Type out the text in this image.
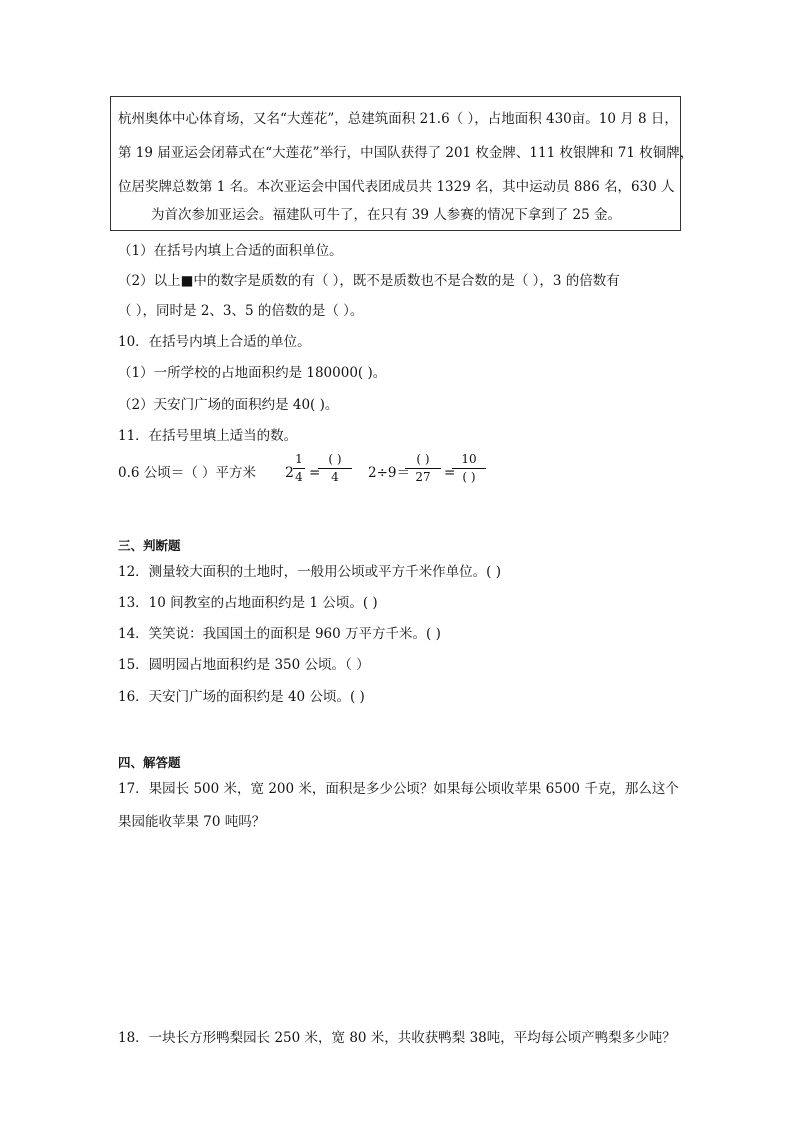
杭州奥体中心体育场，又名“大莲花”，总建筑面积 21.6（ ），占地面积 430亩。10 月 8 日，
第 19 届亚运会闭幕式在“大莲花”举行，中国队获得了 201 枚金牌、111 枚银牌和 71 枚铜牌，
位居奖牌总数第 1 名。本次亚运会中国代表团成员共 1329 名，其中运动员 886 名，630 人
为首次参加亚运会。福建队可牛了，在只有 39 人参赛的情况下拿到了 25 金。
（1）在括号内填上合适的面积单位。
（2）以上■中的数字是质数的有（ ），既不是质数也不是合数的是（ ），3 的倍数有
（ ），同时是 2、3、5 的倍数的是（ ）。
10．在括号内填上合适的单位。
（1）一所学校的占地面积约是 180000( )。
（2）天安门广场的面积约是 40( )。
11．在括号里填上适当的数。
0.6 公顷＝（ ）平方米 2
1
4 =
( )
4	2÷9＝
( )
27 =
10
( )
三、判断题
12．测量较大面积的土地时，一般用公顷或平方千米作单位。( )
13．10 间教室的占地面积约是 1 公顷。( )
14．笑笑说：我国国土的面积是 960 万平方千米。( )
15．圆明园占地面积约是 350 公顷。（ ）
16．天安门广场的面积约是 40 公顷。( )
四、解答题
17．果园长 500 米，宽 200 米，面积是多少公顷？如果每公顷收苹果 6500 千克，那么这个
果园能收苹果 70 吨吗？
18．一块长方形鸭梨园长 250 米，宽 80 米，共收获鸭梨 38吨，平均每公顷产鸭梨多少吨？
